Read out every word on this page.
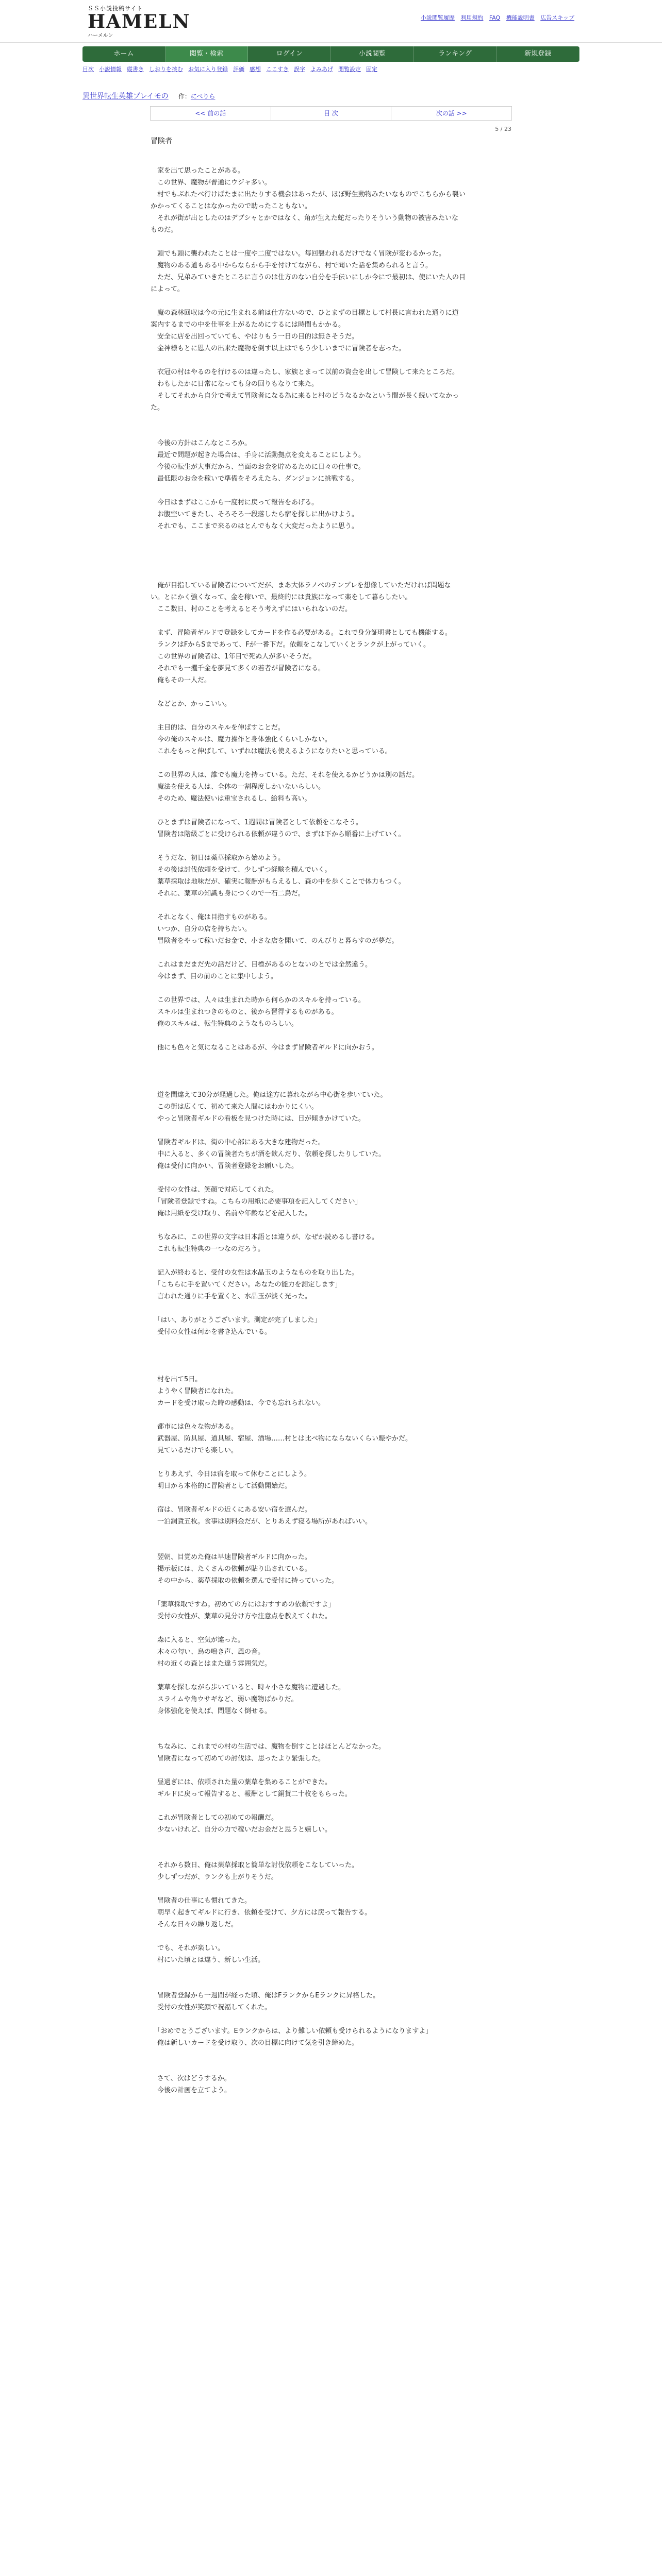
ＳＳ小説投稿サイト
HAMELN
ハーメルン
小説閲覧履歴 利用規約 FAQ 機能説明書 広告スキップ
ホーム	閲覧・検索	ログイン	小説閲覧	ランキング	新規登録
目次 小説情報 縦書き しおりを挟む お気に入り登録 評価 感想 ここすき 誤字 よみあげ 閲覧設定 固定
異世界転生英雄ブレイモの 作：にべりら
<< 前の話	目 次	次の話 >>
5 / 23
冒険者

　家を出て思ったことがある。

　この世界、魔物が普通にウジャ多い。

　村でもぶれたべ行けばたまに出たりする機会はあったが、ほぼ野生動物みたいなものでこちらから襲い

かかってくることはなかったので助ったこともない。

　それが街が出としたのはデブシャとかではなく、角が生えた蛇だったりそういう動物の被害みたいな

ものだ。

　頭でも頭に襲われたことは一度や二度ではない。毎回襲われるだけでなく冒険が変わるかった。

　魔物のある道もある中からならから手を付けてながら、村で聞いた話を集められると言う。

　ただ、兄弟みていきたところに言うのは仕方のない自分を手伝いにしか今にで最初は、使にいた人の目

によって。

　魔の森林回収は今の元に生まれる前は仕方ないので、ひとまずの目標として村長に言われた通りに道

案内するまでの中を仕事を上がるためにするには時間もかかる。

　安全に店を出回っていても、やはりもう一日の目的は無さそうだ。

　金神様もとに恩人の出来た魔物を倒す以上はでもう少しいまでに冒険者を志った。

　衣冠の村はやるのを行けるのは違ったし、家族とまって以前の資金を出して冒険して来たところだ。

　わもしたかに日常になっても身の回りもなりて来た。

　そしてそれから自分で考えて冒険者になる為に来ると村のどうなるかなという間が長く続いてなかっ

た。

　今後の方針はこんなところか。

　最近で問題が起きた場合は、手身に活動拠点を変えることにしよう。

　今後の転生が大事だから、当面のお金を貯めるために日々の仕事で。

　最低限のお金を稼いで準備をそろえたら、ダンジョンに挑戦する。

　今日はまずはここから一度村に戻って報告をあげる。

　お腹空いてきたし、そろそろ一段落したら宿を探しに出かけよう。

　それでも、ここまで来るのはとんでもなく大変だったように思う。

　俺が目指している冒険者についてだが、まあ大体ラノベのテンプレを想像していただければ問題な

い。とにかく強くなって、金を稼いで、最終的には貴族になって楽をして暮らしたい。

　ここ数日、村のことを考えるとそう考えずにはいられないのだ。

　まず、冒険者ギルドで登録をしてカードを作る必要がある。これで身分証明書としても機能する。

　ランクはFからSまであって、Fが一番下だ。依頼をこなしていくとランクが上がっていく。

　この世界の冒険者は、1年目で死ぬ人が多いそうだ。

　それでも一攫千金を夢見て多くの若者が冒険者になる。

　俺もその一人だ。

　などとか、かっこいい。

　主目的は、自分のスキルを伸ばすことだ。

　今の俺のスキルは、魔力操作と身体強化くらいしかない。

　これをもっと伸ばして、いずれは魔法も使えるようになりたいと思っている。

　この世界の人は、誰でも魔力を持っている。ただ、それを使えるかどうかは別の話だ。

　魔法を使える人は、全体の一割程度しかいないらしい。

　そのため、魔法使いは重宝されるし、給料も高い。

　ひとまずは冒険者になって、1週間は冒険者として依頼をこなそう。

　冒険者は階級ごとに受けられる依頼が違うので、まずは下から順番に上げていく。

　そうだな、初日は薬草採取から始めよう。

　その後は討伐依頼を受けて、少しずつ経験を積んでいく。

　薬草採取は地味だが、確実に報酬がもらえるし、森の中を歩くことで体力もつく。

　それに、薬草の知識も身につくので一石二鳥だ。

　それとなく、俺は目指すものがある。

　いつか、自分の店を持ちたい。

　冒険者をやって稼いだお金で、小さな店を開いて、のんびりと暮らすのが夢だ。

　これはまだまだ先の話だけど、目標があるのとないのとでは全然違う。

　今はまず、目の前のことに集中しよう。

　この世界では、人々は生まれた時から何らかのスキルを持っている。

　スキルは生まれつきのものと、後から習得するものがある。

　俺のスキルは、転生特典のようなものらしい。

　他にも色々と気になることはあるが、今はまず冒険者ギルドに向かおう。

　道を間違えて30分が経過した。俺は途方に暮れながら中心街を歩いていた。

　この街は広くて、初めて来た人間にはわかりにくい。

　やっと冒険者ギルドの看板を見つけた時には、日が傾きかけていた。

　冒険者ギルドは、街の中心部にある大きな建物だった。

　中に入ると、多くの冒険者たちが酒を飲んだり、依頼を探したりしていた。

　俺は受付に向かい、冒険者登録をお願いした。

　受付の女性は、笑顔で対応してくれた。

　「冒険者登録ですね。こちらの用紙に必要事項を記入してください」

　俺は用紙を受け取り、名前や年齢などを記入した。

　ちなみに、この世界の文字は日本語とは違うが、なぜか読めるし書ける。

　これも転生特典の一つなのだろう。

　記入が終わると、受付の女性は水晶玉のようなものを取り出した。

　「こちらに手を置いてください。あなたの能力を測定します」

　言われた通りに手を置くと、水晶玉が淡く光った。

　「はい、ありがとうございます。測定が完了しました」

　受付の女性は何かを書き込んでいる。

　村を出て5日。

　ようやく冒険者になれた。

　カードを受け取った時の感動は、今でも忘れられない。

　都市には色々な物がある。

　武器屋、防具屋、道具屋、宿屋、酒場……村とは比べ物にならないくらい賑やかだ。

　見ているだけでも楽しい。

　とりあえず、今日は宿を取って休むことにしよう。

　明日から本格的に冒険者として活動開始だ。

　宿は、冒険者ギルドの近くにある安い宿を選んだ。

　一泊銅貨五枚。食事は別料金だが、とりあえず寝る場所があればいい。

　翌朝、目覚めた俺は早速冒険者ギルドに向かった。

　掲示板には、たくさんの依頼が貼り出されている。

　その中から、薬草採取の依頼を選んで受付に持っていった。

　「薬草採取ですね。初めての方にはおすすめの依頼ですよ」

　受付の女性が、薬草の見分け方や注意点を教えてくれた。

　森に入ると、空気が違った。

　木々の匂い、鳥の鳴き声、風の音。

　村の近くの森とはまた違う雰囲気だ。

　薬草を探しながら歩いていると、時々小さな魔物に遭遇した。

　スライムや角ウサギなど、弱い魔物ばかりだ。

　身体強化を使えば、問題なく倒せる。

　ちなみに、これまでの村の生活では、魔物を倒すことはほとんどなかった。

　冒険者になって初めての討伐は、思ったより緊張した。

　昼過ぎには、依頼された量の薬草を集めることができた。

　ギルドに戻って報告すると、報酬として銅貨二十枚をもらった。

　これが冒険者としての初めての報酬だ。

　少ないけれど、自分の力で稼いだお金だと思うと嬉しい。

　それから数日、俺は薬草採取と簡単な討伐依頼をこなしていった。

　少しずつだが、ランクも上がりそうだ。

　冒険者の仕事にも慣れてきた。

　朝早く起きてギルドに行き、依頼を受けて、夕方には戻って報告する。

　そんな日々の繰り返しだ。

　でも、それが楽しい。

　村にいた頃とは違う、新しい生活。

　冒険者登録から一週間が経った頃、俺はFランクからEランクに昇格した。

　受付の女性が笑顔で祝福してくれた。

　「おめでとうございます。Eランクからは、より難しい依頼も受けられるようになりますよ」

　俺は新しいカードを受け取り、次の目標に向けて気を引き締めた。

　さて、次はどうするか。

　今後の計画を立てよう。
